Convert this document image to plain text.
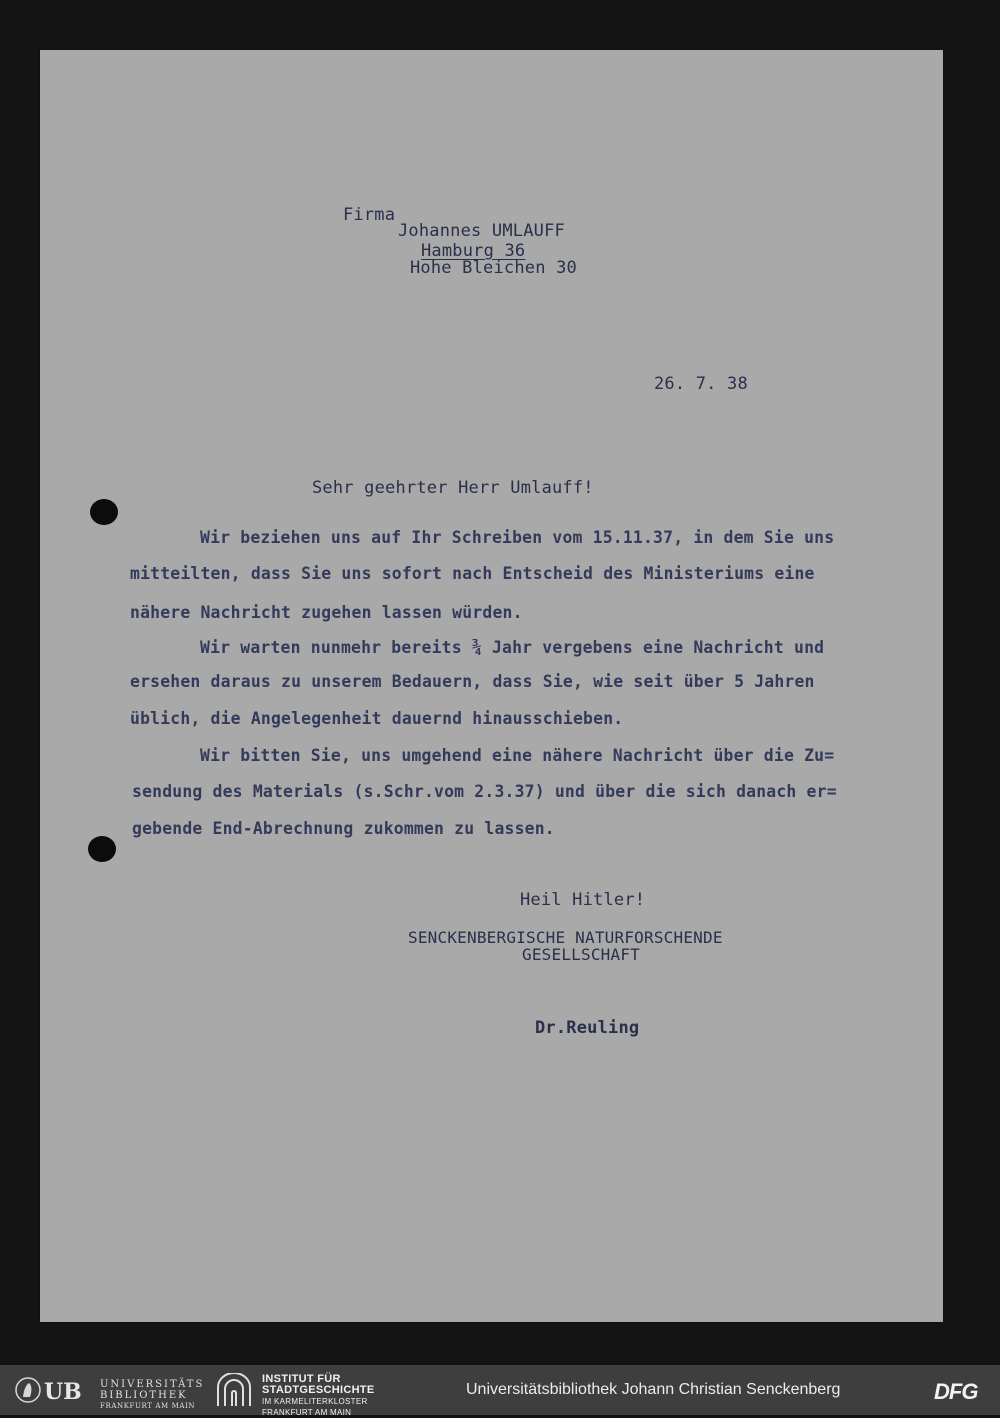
Firma
Johannes UMLAUFF
Hamburg 36
Hohe Bleichen 30
26. 7. 38
Sehr geehrter Herr Umlauff!
Wir beziehen uns auf Ihr Schreiben vom 15.11.37, in dem Sie uns
mitteilten, dass Sie uns sofort nach Entscheid des Ministeriums eine
nähere Nachricht zugehen lassen würden.
Wir warten nunmehr bereits ¾ Jahr vergebens eine Nachricht und
ersehen daraus zu unserem Bedauern, dass Sie, wie seit über 5 Jahren
üblich, die Angelegenheit dauernd hinausschieben.
Wir bitten Sie, uns umgehend eine nähere Nachricht über die Zu=
sendung des Materials (s.Schr.vom 2.3.37) und über die sich danach er=
gebende End-Abrechnung zukommen zu lassen.
Heil Hitler!
SENCKENBERGISCHE NATURFORSCHENDE
GESELLSCHAFT
Dr.Reuling
UB UNIVERSITÄTS
BIBLIOTHEK
FRANKFURT AM MAIN
INSTITUT FÜR
STADTGESCHICHTE
IM KARMELITERKLOSTER
FRANKFURT AM MAIN
Universitätsbibliothek Johann Christian Senckenberg	DFG
